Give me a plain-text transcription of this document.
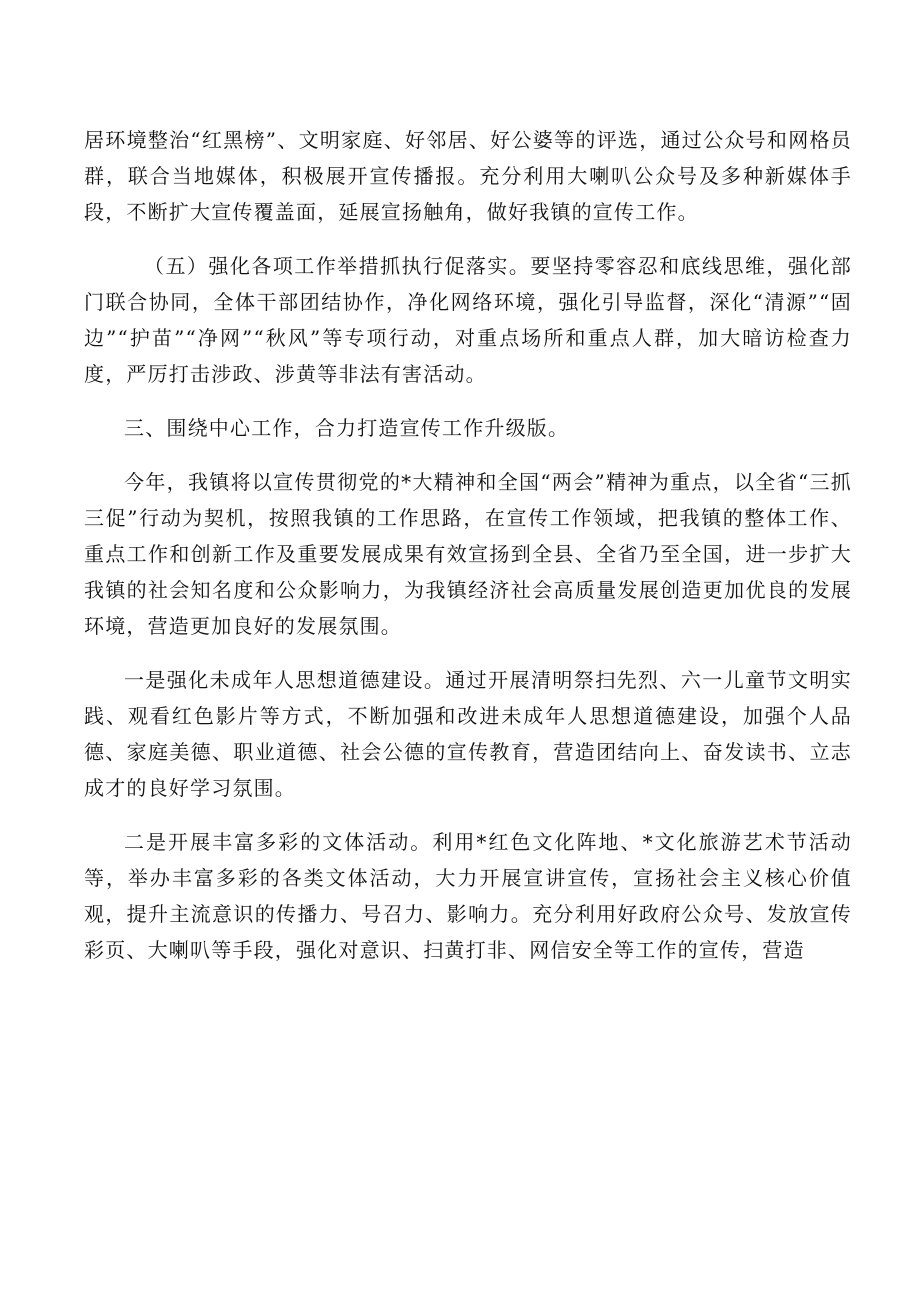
居环境整治“红黑榜”、文明家庭、好邻居、好公婆等的评选，通过公众号和网格员群，联合当地媒体，积极展开宣传播报。充分利用大喇叭公众号及多种新媒体手段，不断扩大宣传覆盖面，延展宣扬触角，做好我镇的宣传工作。

（五）强化各项工作举措抓执行促落实。要坚持零容忍和底线思维，强化部门联合协同，全体干部团结协作，净化网络环境，强化引导监督，深化“清源”“固边”“护苗”“净网”“秋风”等专项行动，对重点场所和重点人群，加大暗访检查力度，严厉打击涉政、涉黄等非法有害活动。

三、围绕中心工作，合力打造宣传工作升级版。

今年，我镇将以宣传贯彻党的*大精神和全国“两会”精神为重点，以全省“三抓三促”行动为契机，按照我镇的工作思路，在宣传工作领域，把我镇的整体工作、重点工作和创新工作及重要发展成果有效宣扬到全县、全省乃至全国，进一步扩大我镇的社会知名度和公众影响力，为我镇经济社会高质量发展创造更加优良的发展环境，营造更加良好的发展氛围。

一是强化未成年人思想道德建设。通过开展清明祭扫先烈、六一儿童节文明实践、观看红色影片等方式，不断加强和改进未成年人思想道德建设，加强个人品德、家庭美德、职业道德、社会公德的宣传教育，营造团结向上、奋发读书、立志成才的良好学习氛围。

二是开展丰富多彩的文体活动。利用*红色文化阵地、*文化旅游艺术节活动等，举办丰富多彩的各类文体活动，大力开展宣讲宣传，宣扬社会主义核心价值观，提升主流意识的传播力、号召力、影响力。充分利用好政府公众号、发放宣传彩页、大喇叭等手段，强化对意识、扫黄打非、网信安全等工作的宣传，营造
